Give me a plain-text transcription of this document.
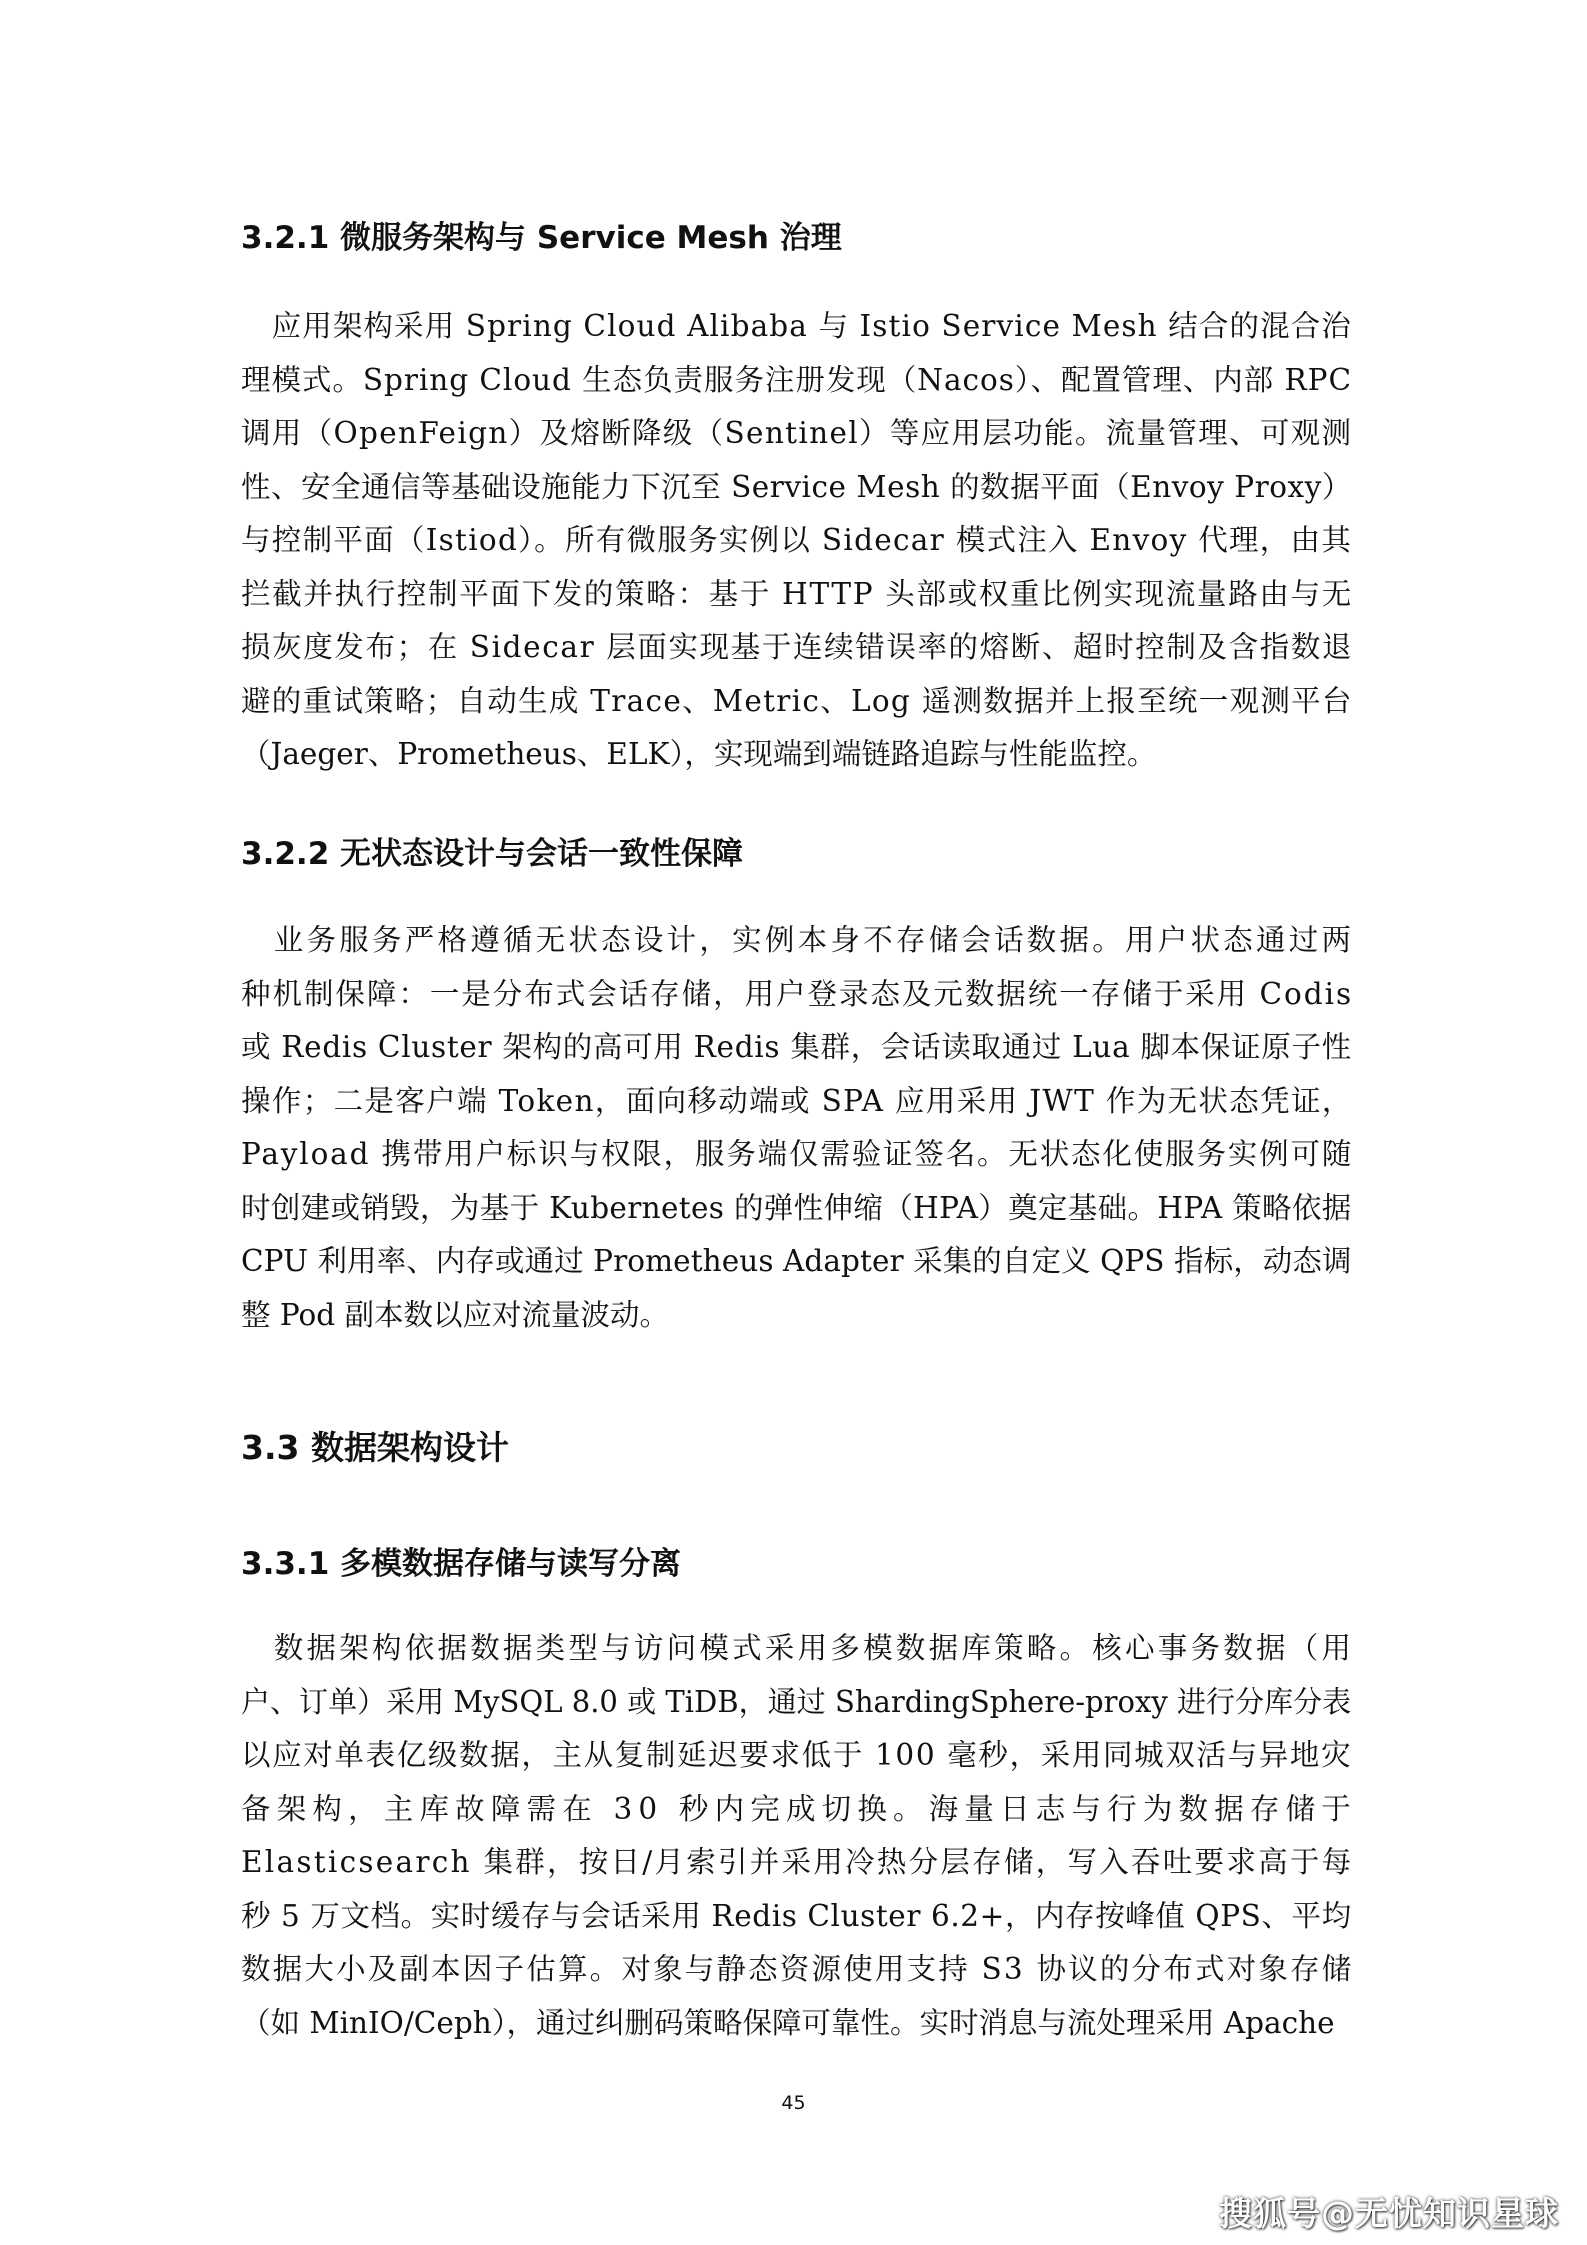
3.2.1 微服务架构与 Service Mesh 治理
　应用架构采用 Spring Cloud Alibaba 与 Istio Service Mesh 结合的混合治
理模式。Spring Cloud 生态负责服务注册发现（Nacos）、配置管理、内部 RPC
调用（OpenFeign）及熔断降级（Sentinel）等应用层功能。流量管理、可观测
性、安全通信等基础设施能力下沉至 Service Mesh 的数据平面（Envoy Proxy）
与控制平面（Istiod）。所有微服务实例以 Sidecar 模式注入 Envoy 代理，由其
拦截并执行控制平面下发的策略：基于 HTTP 头部或权重比例实现流量路由与无
损灰度发布；在 Sidecar 层面实现基于连续错误率的熔断、超时控制及含指数退
避的重试策略；自动生成 Trace、Metric、Log 遥测数据并上报至统一观测平台
（Jaeger、Prometheus、ELK），实现端到端链路追踪与性能监控。
3.2.2 无状态设计与会话一致性保障
　业务服务严格遵循无状态设计，实例本身不存储会话数据。用户状态通过两
种机制保障：一是分布式会话存储，用户登录态及元数据统一存储于采用 Codis
或 Redis Cluster 架构的高可用 Redis 集群，会话读取通过 Lua 脚本保证原子性
操作；二是客户端 Token，面向移动端或 SPA 应用采用 JWT 作为无状态凭证，
Payload 携带用户标识与权限，服务端仅需验证签名。无状态化使服务实例可随
时创建或销毁，为基于 Kubernetes 的弹性伸缩（HPA）奠定基础。HPA 策略依据
CPU 利用率、内存或通过 Prometheus Adapter 采集的自定义 QPS 指标，动态调
整 Pod 副本数以应对流量波动。
3.3 数据架构设计
3.3.1 多模数据存储与读写分离
　数据架构依据数据类型与访问模式采用多模数据库策略。核心事务数据（用
户、订单）采用 MySQL 8.0 或 TiDB，通过 ShardingSphere-proxy 进行分库分表
以应对单表亿级数据，主从复制延迟要求低于 100 毫秒，采用同城双活与异地灾
备架构，主库故障需在 30 秒内完成切换。海量日志与行为数据存储于
Elasticsearch 集群，按日/月索引并采用冷热分层存储，写入吞吐要求高于每
秒 5 万文档。实时缓存与会话采用 Redis Cluster 6.2+，内存按峰值 QPS、平均
数据大小及副本因子估算。对象与静态资源使用支持 S3 协议的分布式对象存储
（如 MinIO/Ceph），通过纠删码策略保障可靠性。实时消息与流处理采用 Apache
45
搜狐号@无忧知识星球
